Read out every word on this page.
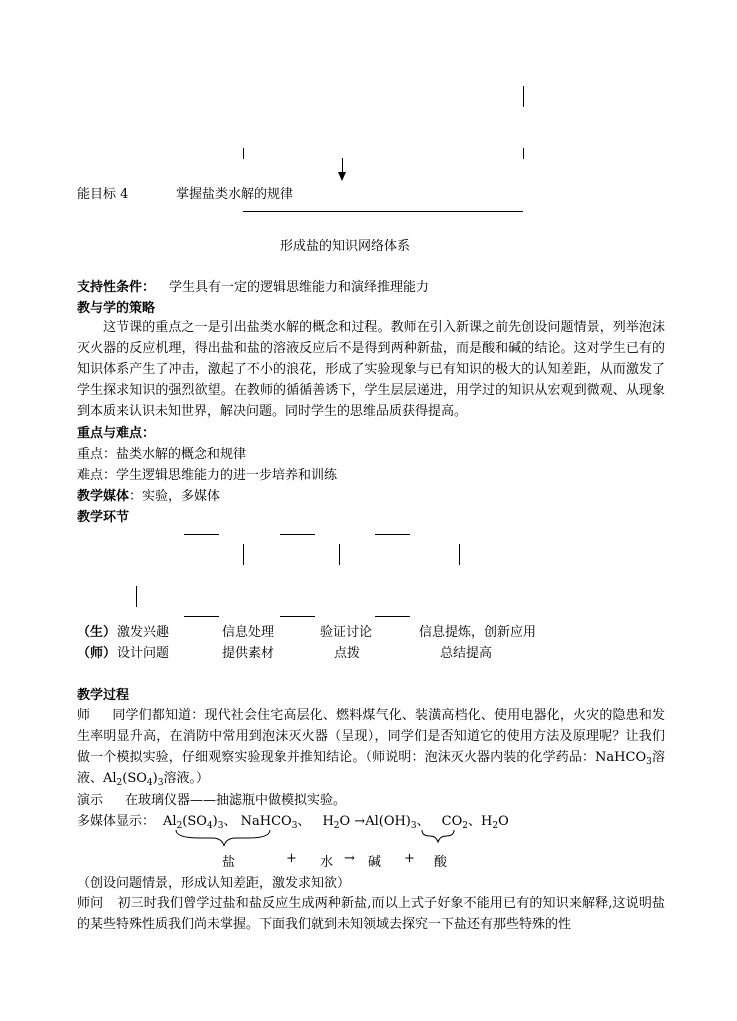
能目标 4	掌握盐类水解的规律
形成盐的知识网络体系
支持性条件： 学生具有一定的逻辑思维能力和演绎推理能力
教与学的策略
这节课的重点之一是引出盐类水解的概念和过程。教师在引入新课之前先创设问题情景，列举泡沫灭火器的反应机理，得出盐和盐的溶液反应后不是得到两种新盐，而是酸和碱的结论。这对学生已有的知识体系产生了冲击，激起了不小的浪花，形成了实验现象与已有知识的极大的认知差距，从而激发了学生探求知识的强烈欲望。在教师的循循善诱下，学生层层递进，用学过的知识从宏观到微观、从现象到本质来认识未知世界，解决问题。同时学生的思维品质获得提高。
重点与难点：
重点：盐类水解的概念和规律
难点：学生逻辑思维能力的进一步培养和训练
教学媒体：实验，多媒体
教学环节
（生） 激发兴趣	信息处理	验证讨论	信息提炼，创新应用
（师） 设计问题	提供素材	点拨	总结提高
教学过程
师 同学们都知道：现代社会住宅高层化、燃料煤气化、装潢高档化、使用电器化，火灾的隐患和发生率明显升高，在消防中常用到泡沫灭火器（呈现），同学们是否知道它的使用方法及原理呢？让我们做一个模拟实验，仔细观察实验现象并推知结论。（师说明：泡沫灭火器内装的化学药品：NaHCO$_3$溶液、$Al_2(SO_4)_3$溶液。）
演示 在玻璃仪器——抽滤瓶中做模拟实验。
多媒体显示： $Al_2(SO_4)_3$、 NaHCO$_3$、 $H_2O \to Al(OH)_3$、 $CO_2$、$H_2O$
盐	+ 水 → 碱 + 酸
（创设问题情景，形成认知差距，激发求知欲）
师问 初三时我们曾学过盐和盐反应生成两种新盐,而以上式子好象不能用已有的知识来解释,这说明盐的某些特殊性质我们尚未掌握。下面我们就到未知领域去探究一下盐还有那些特殊的性
